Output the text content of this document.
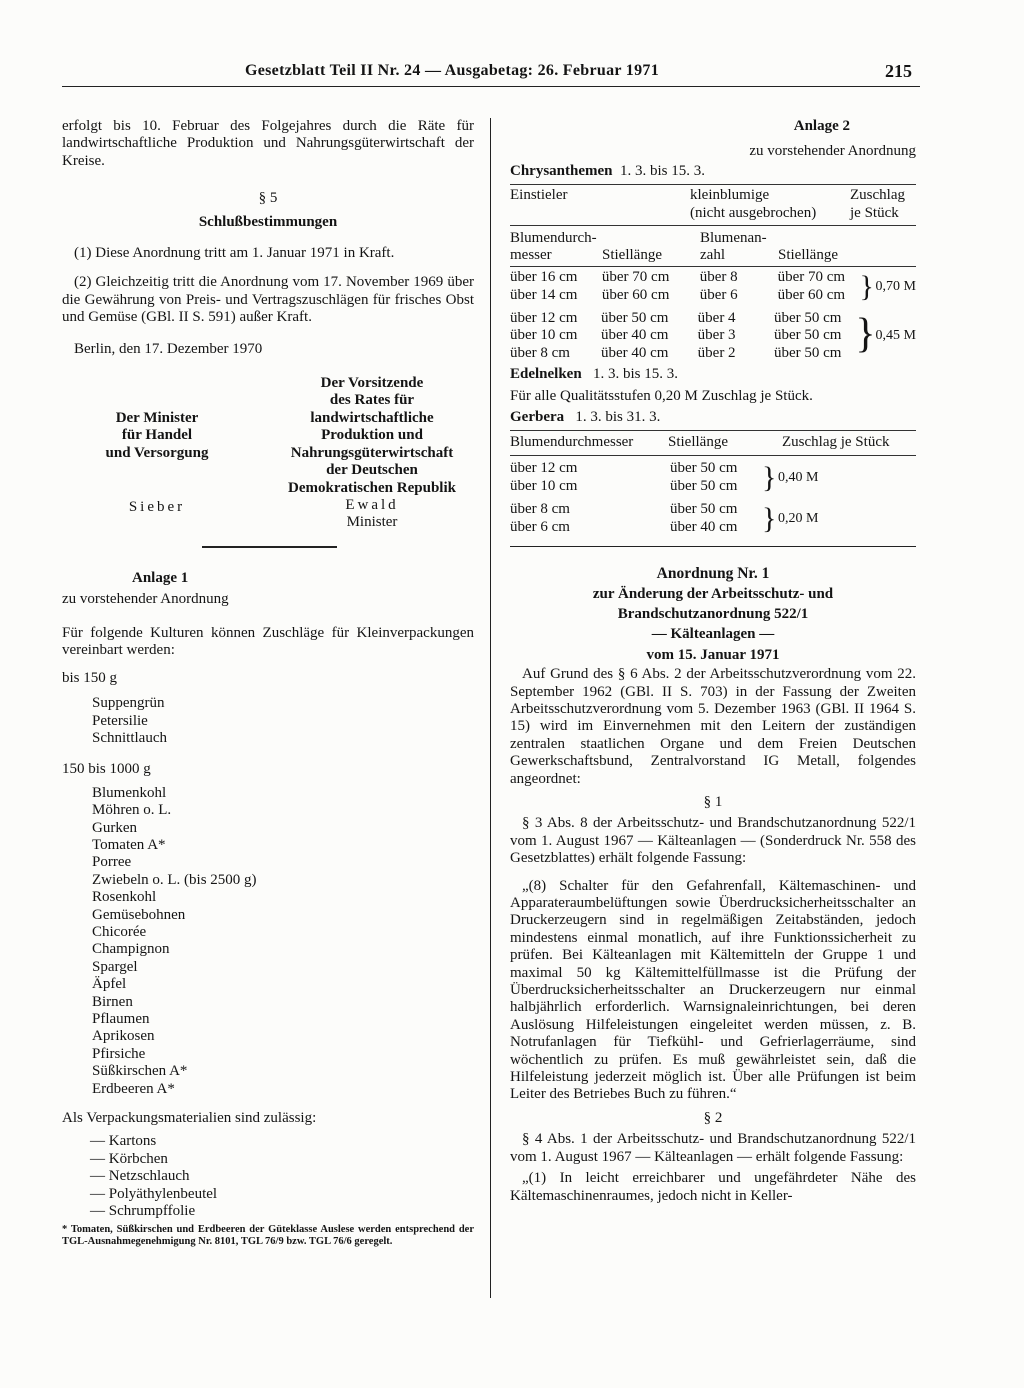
Gesetzblatt Teil II Nr. 24 — Ausgabetag: 26. Februar 1971	215

erfolgt bis 10. Februar des Folgejahres durch die Räte für landwirtschaftliche Produktion und Nahrungsgüterwirtschaft der Kreise.

§ 5

Schlußbestimmungen

(1) Diese Anordnung tritt am 1. Januar 1971 in Kraft.

(2) Gleichzeitig tritt die Anordnung vom 17. November 1969 über die Gewährung von Preis- und Vertragszuschlägen für frisches Obst und Gemüse (GBl. II S. 591) außer Kraft.

Berlin, den 17. Dezember 1970

Der Minister
für Handel
und Versorgung
Sieber
Der Vorsitzende
des Rates für
landwirtschaftliche
Produktion und
Nahrungsgüterwirtschaft
der Deutschen
Demokratischen Republik
Ewald
Minister

Anlage 1

zu vorstehender Anordnung

Für folgende Kulturen können Zuschläge für Kleinverpackungen vereinbart werden:

bis 150 g

Suppengrün
Petersilie
Schnittlauch

150 bis 1000 g

Blumenkohl
Möhren o. L.
Gurken
Tomaten A*
Porree
Zwiebeln o. L. (bis 2500 g)
Rosenkohl
Gemüsebohnen
Chicorée
Champignon
Spargel
Äpfel
Birnen
Pflaumen
Aprikosen
Pfirsiche
Süßkirschen A*
Erdbeeren A*

Als Verpackungsmaterialien sind zulässig:

— Kartons
— Körbchen
— Netzschlauch
— Polyäthylenbeutel
— Schrumpffolie

* Tomaten, Süßkirschen und Erdbeeren der Güteklasse Auslese werden entsprechend der TGL-Ausnahmegenehmigung Nr. 8101, TGL 76/9 bzw. TGL 76/6 geregelt.

Anlage 2

zu vorstehender Anordnung

Chrysanthemen 1. 3. bis 15. 3.

Einstieler	kleinblumige
(nicht ausgebrochen)
Zuschlag
je Stück
Blumendurch-
messer	Stiellänge
Blumenan-
zahl	Stiellänge
über 16 cm	über 70 cm	über 8	über 70 cm	}	0,70 M
über 14 cm	über 60 cm	über 6	über 60 cm		
über 12 cm	über 50 cm	über 4	über 50 cm	}	0,45 M
über 10 cm	über 40 cm	über 3	über 50 cm		
über 8 cm	über 40 cm	über 2	über 50 cm		

Edelnelken 1. 3. bis 15. 3.

Für alle Qualitätsstufen 0,20 M Zuschlag je Stück.

Gerbera 1. 3. bis 31. 3.

Blumendurchmesser Stiellänge	Zuschlag je Stück
über 12 cm	über 50 cm	}	0,40 M
über 10 cm	über 50 cm		
über 8 cm	über 50 cm	}	0,20 M
über 6 cm	über 40 cm		

Anordnung Nr. 1

zur Änderung der Arbeitsschutz- und

Brandschutzanordnung 522/1

— Kälteanlagen —

vom 15. Januar 1971

Auf Grund des § 6 Abs. 2 der Arbeitsschutzverordnung vom 22. September 1962 (GBl. II S. 703) in der Fassung der Zweiten Arbeitsschutzverordnung vom 5. Dezember 1963 (GBl. II 1964 S. 15) wird im Einvernehmen mit den Leitern der zuständigen zentralen staatlichen Organe und dem Freien Deutschen Gewerkschaftsbund, Zentralvorstand IG Metall, folgendes angeordnet:

§ 1

§ 3 Abs. 8 der Arbeitsschutz- und Brandschutzanordnung 522/1 vom 1. August 1967 — Kälteanlagen — (Sonderdruck Nr. 558 des Gesetzblattes) erhält folgende Fassung:

„(8) Schalter für den Gefahrenfall, Kältemaschinen- und Apparateraumbelüftungen sowie Überdrucksicherheitsschalter an Druckerzeugern sind in regelmäßigen Zeitabständen, jedoch mindestens einmal monatlich, auf ihre Funktionssicherheit zu prüfen. Bei Kälteanlagen mit Kältemitteln der Gruppe 1 und maximal 50 kg Kältemittelfüllmasse ist die Prüfung der Überdrucksicherheitsschalter an Druckerzeugern nur einmal halbjährlich erforderlich. Warnsignaleinrichtungen, bei deren Auslösung Hilfeleistungen eingeleitet werden müssen, z. B. Notrufanlagen für Tiefkühl- und Gefrierlagerräume, sind wöchentlich zu prüfen. Es muß gewährleistet sein, daß die Hilfeleistung jederzeit möglich ist. Über alle Prüfungen ist beim Leiter des Betriebes Buch zu führen.“

§ 2

§ 4 Abs. 1 der Arbeitsschutz- und Brandschutzanordnung 522/1 vom 1. August 1967 — Kälteanlagen — erhält folgende Fassung:

„(1) In leicht erreichbarer und ungefährdeter Nähe des Kältemaschinenraumes, jedoch nicht in Keller-
